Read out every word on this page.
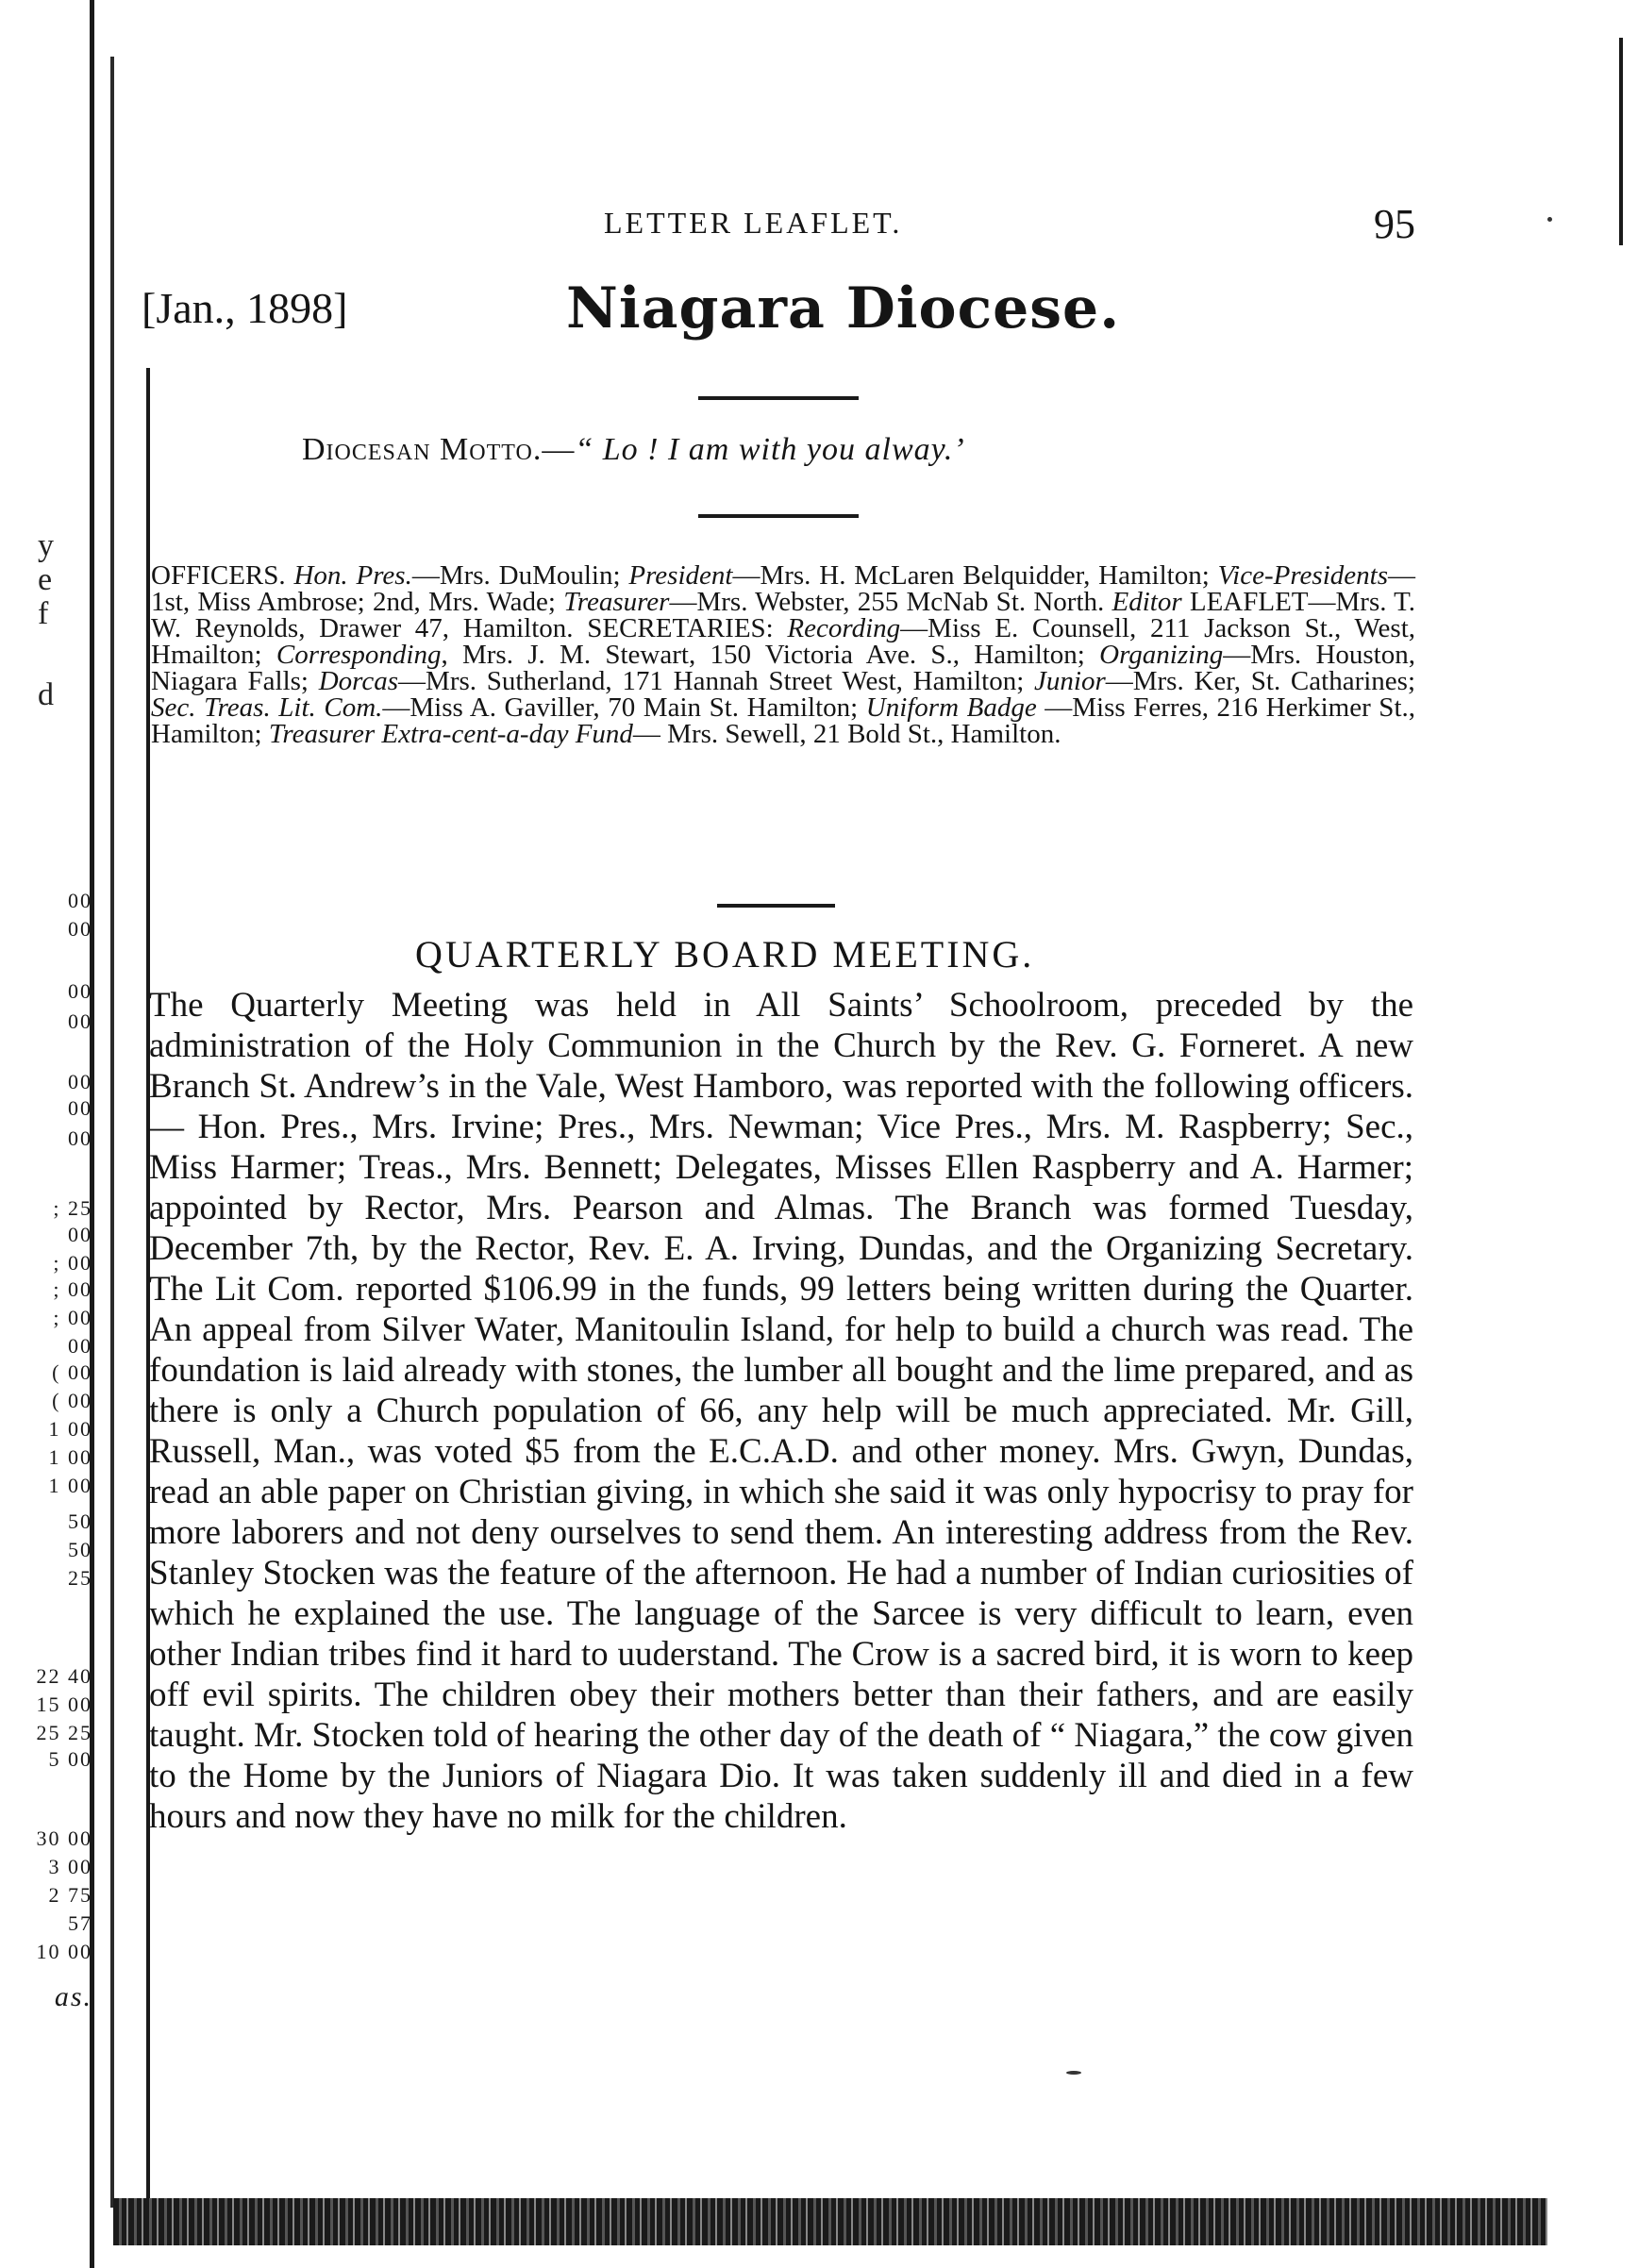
y
e
f
d
00
00
00
00
00
00
00
; 25
00
; 00
; 00
; 00
00
( 00
( 00
1 00
1 00
1 00
50
50
25
22 40
15 00
25 25
5 00
30 00
3 00
2 75
57
10 00
as.
LETTER LEAFLET.	95
[Jan., 1898]	Niagara Diocese.
Diocesan Motto.—“ Lo ! I am with you alway.’
OFFICERS. Hon. Pres.—Mrs. DuMoulin; President—Mrs. H. McLaren Belquidder, Hamilton; Vice-Presidents—1st, Miss Ambrose; 2nd, Mrs. Wade; Treasurer—Mrs. Webster, 255 McNab St. North. Editor LEAFLET—Mrs. T. W. Reynolds, Drawer 47, Hamilton. SECRETARIES: Recording—Miss E. Counsell, 211 Jackson St., West, Hmailton; Corresponding, Mrs. J. M. Stewart, 150 Victoria Ave. S., Hamilton; Organizing—Mrs. Houston, Niagara Falls; Dorcas—Mrs. Sutherland, 171 Hannah Street West, Hamilton; Junior—Mrs. Ker, St. Catharines; Sec. Treas. Lit. Com.—Miss A. Gaviller, 70 Main St. Hamilton; Uniform Badge —Miss Ferres, 216 Herkimer St., Hamilton; Treasurer Extra-cent-a-day Fund— Mrs. Sewell, 21 Bold St., Hamilton.
QUARTERLY BOARD MEETING.
The Quarterly Meeting was held in All Saints’ Schoolroom, preceded by the administration of the Holy Communion in the Church by the Rev. G. Forneret. A new Branch St. Andrew’s in the Vale, West Hamboro, was reported with the following officers.— Hon. Pres., Mrs. Irvine; Pres., Mrs. Newman; Vice Pres., Mrs. M. Raspberry; Sec., Miss Harmer; Treas., Mrs. Bennett; Delegates, Misses Ellen Raspberry and A. Harmer; appointed by Rector, Mrs. Pearson and Almas. The Branch was formed Tuesday, December 7th, by the Rector, Rev. E. A. Irving, Dundas, and the Organizing Secretary. The Lit Com. reported $106.99 in the funds, 99 letters being written during the Quarter. An appeal from Silver Water, Manitoulin Island, for help to build a church was read. The foundation is laid already with stones, the lumber all bought and the lime prepared, and as there is only a Church population of 66, any help will be much appreciated. Mr. Gill, Russell, Man., was voted $5 from the E.C.A.D. and other money. Mrs. Gwyn, Dundas, read an able paper on Christian giving, in which she said it was only hypocrisy to pray for more laborers and not deny ourselves to send them. An interesting address from the Rev. Stanley Stocken was the feature of the afternoon. He had a number of Indian curiosities of which he explained the use. The language of the Sarcee is very difficult to learn, even other Indian tribes find it hard to uuderstand. The Crow is a sacred bird, it is worn to keep off evil spirits. The children obey their mothers better than their fathers, and are easily taught. Mr. Stocken told of hearing the other day of the death of “ Niagara,” the cow given to the Home by the Juniors of Niagara Dio. It was taken suddenly ill and died in a few hours and now they have no milk for the children.
